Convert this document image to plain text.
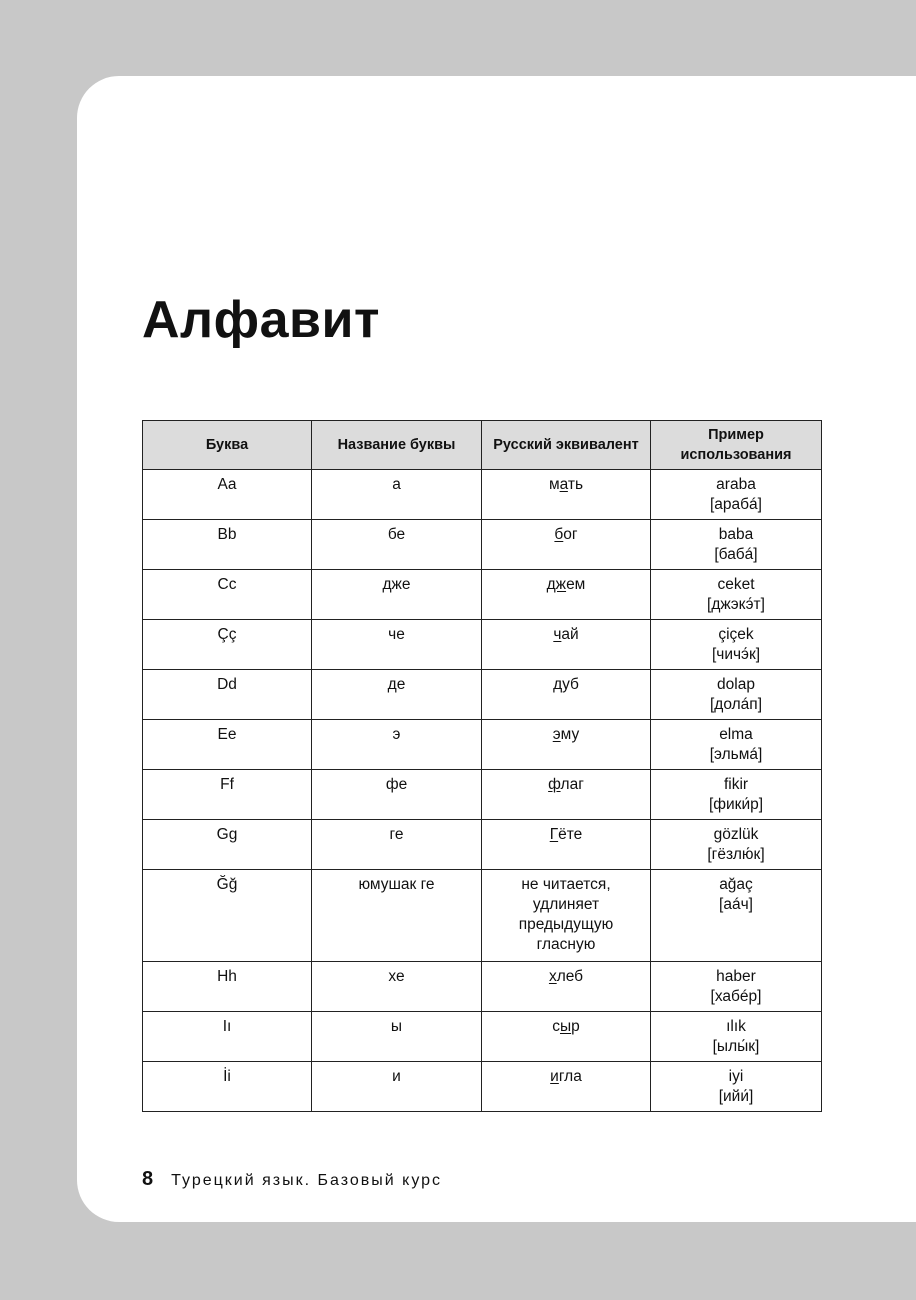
Алфавит
Буква	Название буквы	Русский эквивалент	Пример использования
Aa	а	мать	araba
[арабá]

Bb	бе	бог	baba
[бабá]

Cc	дже	джем	ceket
[джэкэ́т]

Çç	че	чай	çiçek
[чичэ́к]

Dd	де	дуб	dolap
[долáп]

Ee	э	эму	elma
[эльмá]

Ff	фе	флаг	fikir
[фики́р]

Gg	ге	Гёте	gözlük
[гёзлю́к]

Ğğ	юмушак ге	не читается,
удлиняет
предыдущую
гласную	ağaç
[аáч]

Hh	хе	хлеб	haber
[хабéр]

Iı	ы	сыр	ılık
[ылы́к]

İi	и	игла	iyi
[ийи́]
8 Турецкий язык. Базовый курс
